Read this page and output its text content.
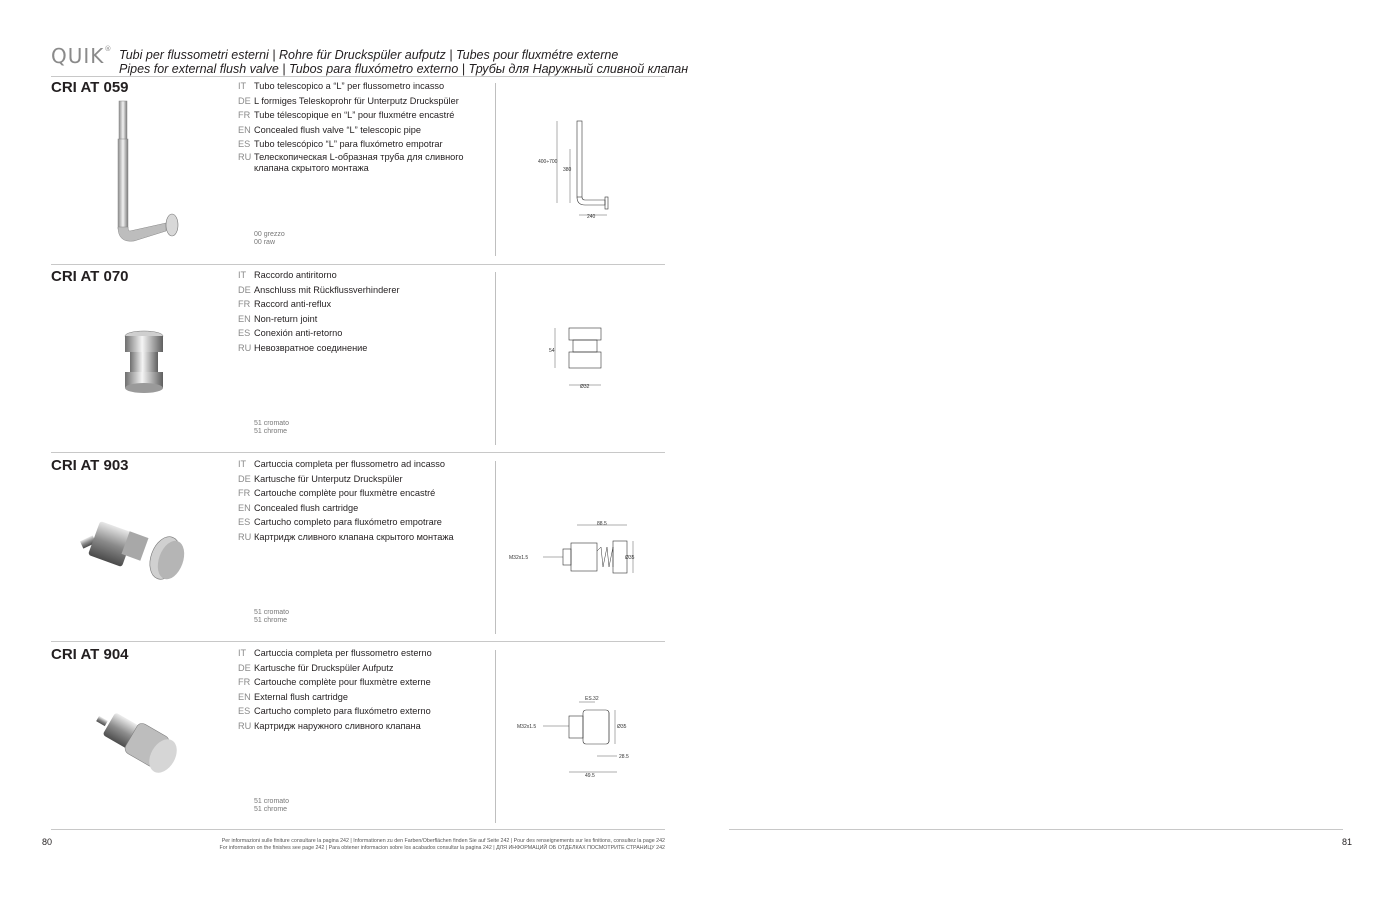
QUIK® Tubi per flussometri esterni | Rohre für Druckspüler aufputz | Tubes pour fluxmétre externe
Pipes for external flush valve | Tubos para fluxómetro externo | Трубы для Наружный сливной клапан
CRI AT 059	IT Tubo telescopico a “L” per flussometro incasso
DE L formiges Teleskoprohr für Unterputz Druckspüler
FR Tube télescopique en “L” pour fluxmétre encastré
EN Concealed flush valve “L” telescopic pipe
ES Tubo telescópico “L” para fluxómetro empotrar
RU Телескопическая L-образная труба для сливного клапана скрытого монтажа
00 grezzo
00 raw
400÷700
380
240
CRI AT 070	IT Raccordo antiritorno
DE Anschluss mit Rückflussverhinderer
FR Raccord anti-reflux
EN Non-return joint
ES Conexión anti-retorno
RU Невозвратное соединение
51 cromato
51 chrome
54
Ø32
CRI AT 903	IT Cartuccia completa per flussometro ad incasso
DE Kartusche für Unterputz Druckspüler
FR Cartouche complète pour fluxmètre encastré
EN Concealed flush cartridge
ES Cartucho completo para fluxómetro empotrare
RU Картридж сливного клапана скрытого монтажа
51 cromato
51 chrome
88.5
M32x1.5	Ø35
CRI AT 904	IT Cartuccia completa per flussometro esterno
DE Kartusche für Druckspüler Aufputz
FR Cartouche complète pour fluxmètre externe
EN External flush cartridge
ES Cartucho completo para fluxómetro externo
RU Картридж наружного сливного клапана
51 cromato
51 chrome
ES.32
M32x1.5	Ø35
28.5
49.5
80	81
Per informazioni sulle finiture consultare la pagina 242 | Informationen zu den Farben/Oberflächen finden Sie auf Seite 242 | Pour des renseignements sur les finitions, consultez la page 242
For information on the finishes see page 242 | Para obtener informacion sobre los acabados consultar la pagina 242 | ДЛЯ ИНФОРМАЦИЙ ОБ ОТДЕЛКАХ ПОСМОТРИТЕ СТРАНИЦУ 242
